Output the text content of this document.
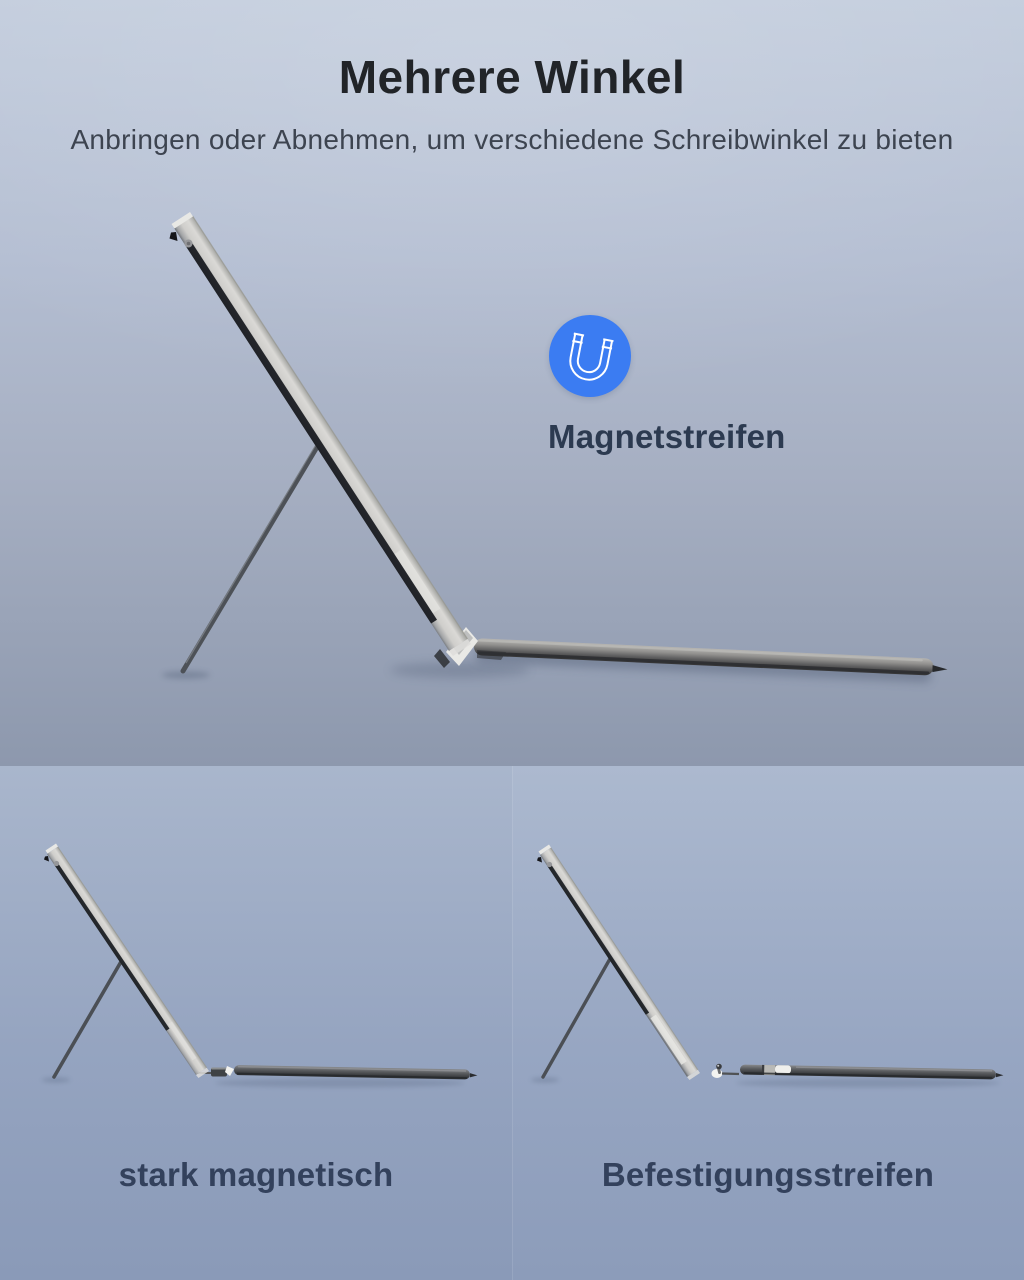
Mehrere Winkel

Anbringen oder Abnehmen, um verschiedene Schreibwinkel zu bieten

Magnetstreifen
stark magnetisch	Befestigungsstreifen
